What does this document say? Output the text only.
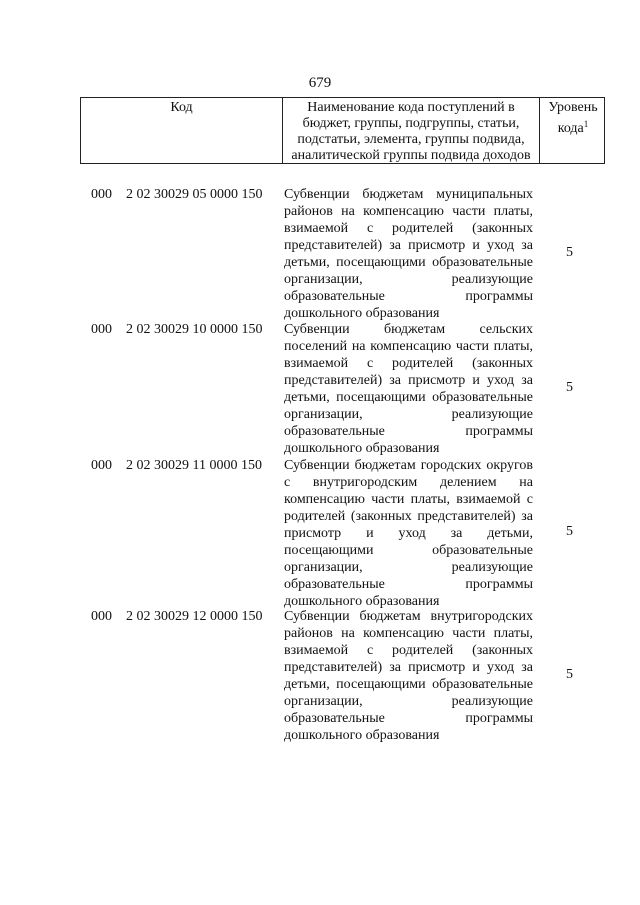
679
Код	Наименование кода поступлений в бюджет, группы, подгруппы, статьи, подстатьи, элемента, группы подвида, аналитической группы подвида доходов
Уровень кода$^1$
000 2 02 30029 05 0000 150 Субвенции бюджетам муниципальных районов на компенсацию части платы, взимаемой с родителей (законных представителей) за присмотр и уход за детьми, посещающими образовательные организации, реализующие образовательные программы дошкольного образования
5
000 2 02 30029 10 0000 150 Субвенции бюджетам сельских поселений на компенсацию части платы, взимаемой с родителей (законных представителей) за присмотр и уход за детьми, посещающими образовательные организации, реализующие образовательные программы дошкольного образования
5
000 2 02 30029 11 0000 150 Субвенции бюджетам городских округов с внутригородским делением на компенсацию части платы, взимаемой с родителей (законных представителей) за присмотр и уход за детьми, посещающими образовательные организации, реализующие образовательные программы дошкольного образования
5
000 2 02 30029 12 0000 150 Субвенции бюджетам внутригородских районов на компенсацию части платы, взимаемой с родителей (законных представителей) за присмотр и уход за детьми, посещающими образовательные организации, реализующие образовательные программы дошкольного образования
5
